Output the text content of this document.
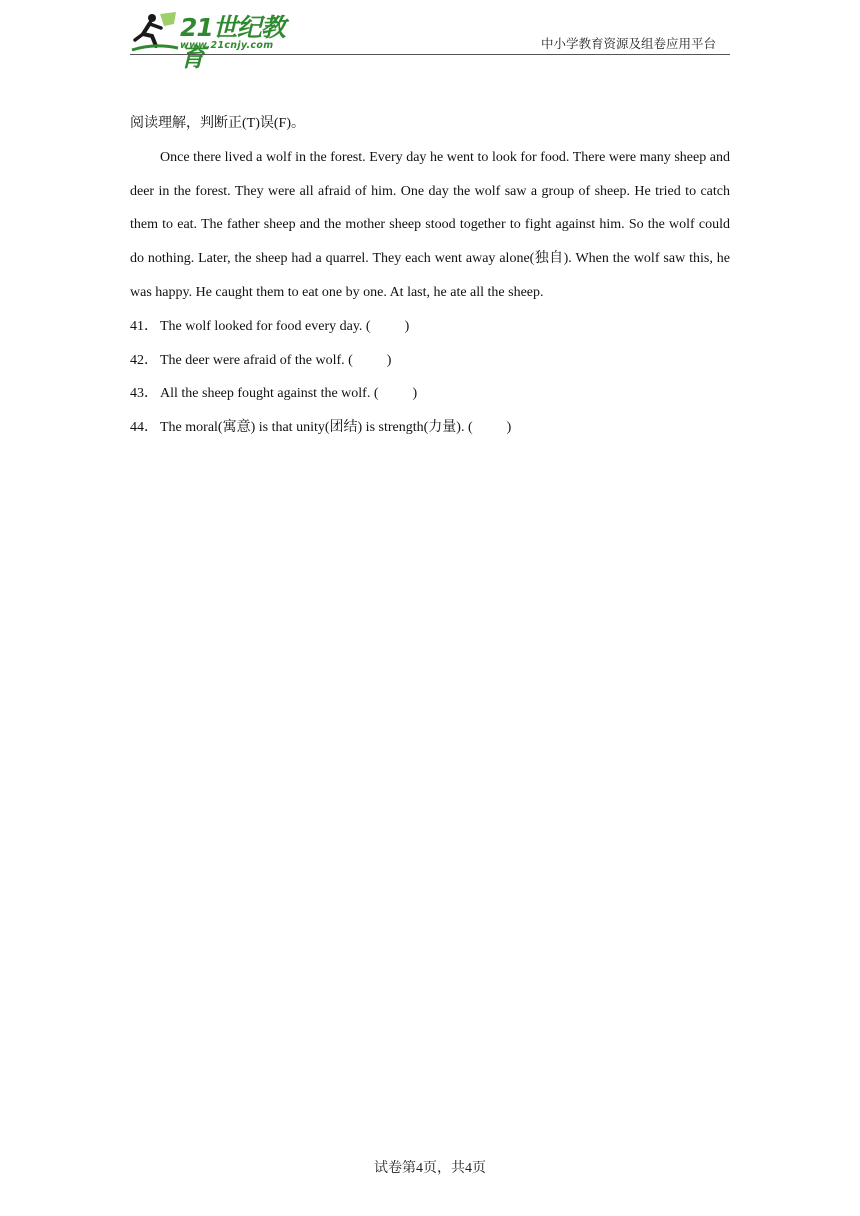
21世纪教育
www.21cnjy.com	中小学教育资源及组卷应用平台

阅读理解，判断正(T)误(F)。

Once there lived a wolf in the forest. Every day he went to look for food. There were many sheep and deer in the forest. They were all afraid of him. One day the wolf saw a group of sheep. He tried to catch them to eat. The father sheep and the mother sheep stood together to fight against him. So the wolf could do nothing. Later, the sheep had a quarrel. They each went away alone(独自). When the wolf saw this, he was happy. He caught them to eat one by one. At last, he ate all the sheep.

41． The wolf looked for food every day. ( )

42． The deer were afraid of the wolf. ( )

43． All the sheep fought against the wolf. ( )

44． The moral(寓意) is that unity(团结) is strength(力量). ( )

试卷第4页，共4页
